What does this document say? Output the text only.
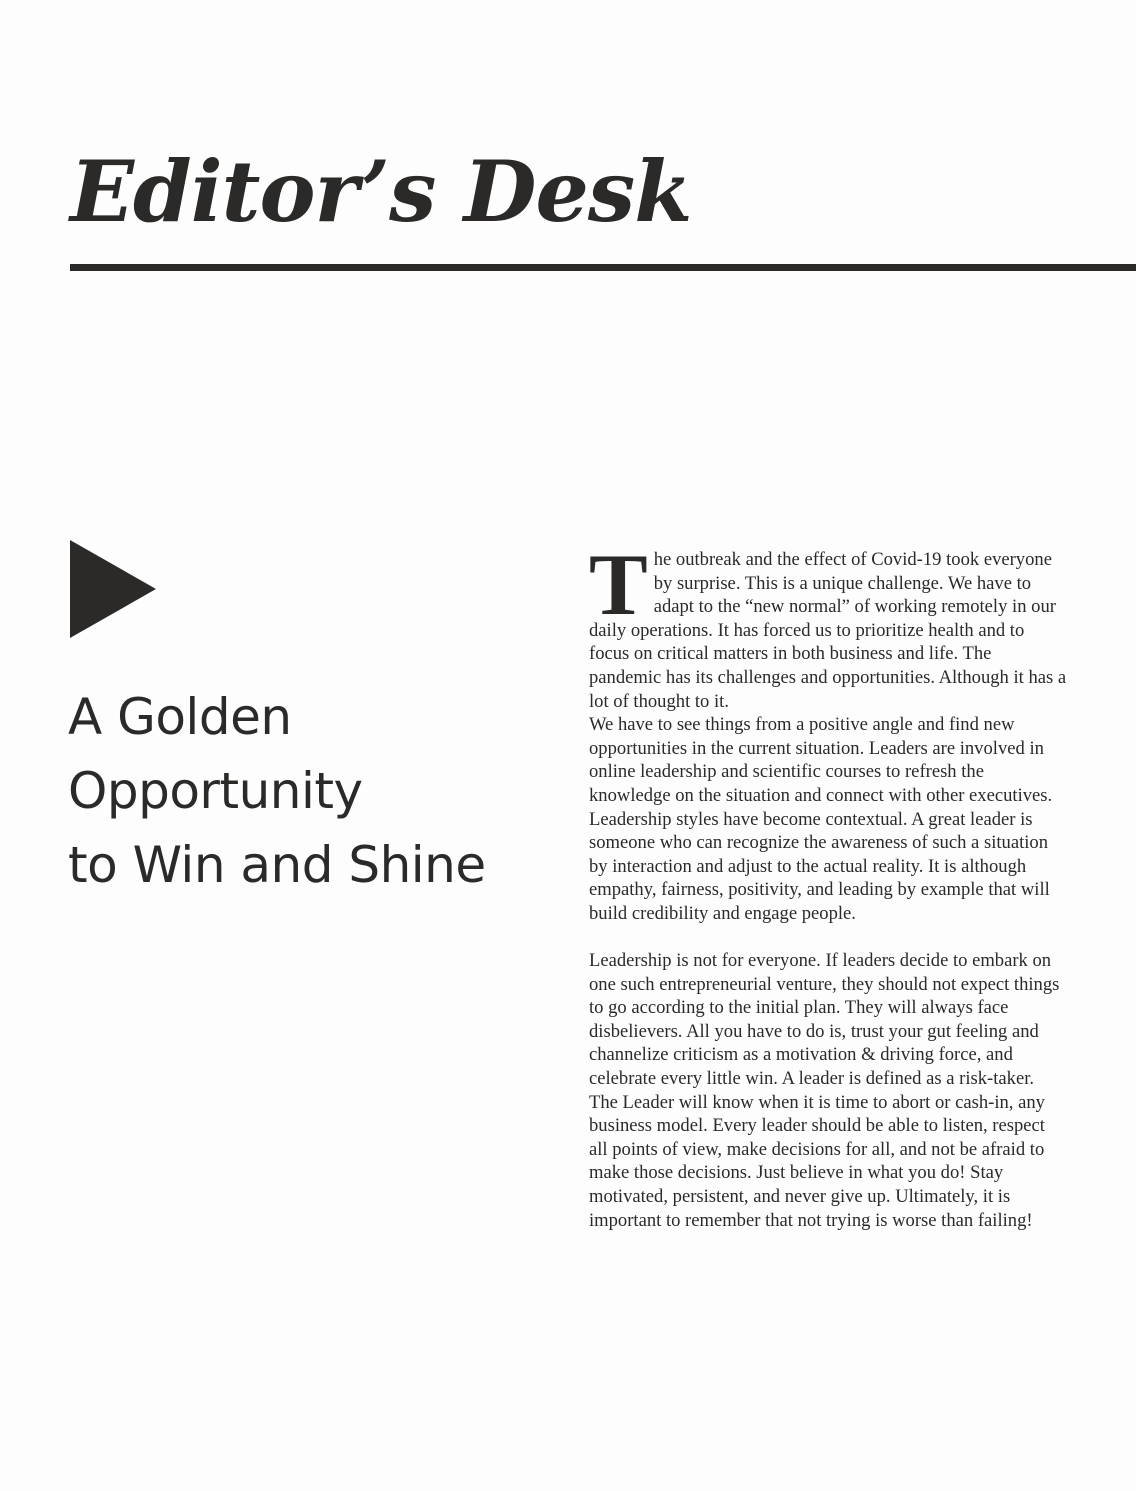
Editor’s Desk
A Golden
Opportunity
to Win and Shine

The outbreak and the effect of Covid-19 took everyone by surprise. This is a unique challenge. We have to adapt to the “new normal” of working remotely in our daily operations. It has forced us to prioritize health and to focus on critical matters in both business and life. The pandemic has its challenges and opportunities. Although it has a lot of thought to it.
We have to see things from a positive angle and find new opportunities in the current situation. Leaders are involved in online leadership and scientific courses to refresh the knowledge on the situation and connect with other executives. Leadership styles have become contextual. A great leader is someone who can recognize the awareness of such a situation by interaction and adjust to the actual reality. It is although empathy, fairness, positivity, and leading by example that will build credibility and engage people.

Leadership is not for everyone. If leaders decide to embark on one such entrepreneurial venture, they should not expect things to go according to the initial plan. They will always face disbelievers. All you have to do is, trust your gut feeling and channelize criticism as a motivation & driving force, and celebrate every little win. A leader is defined as a risk-taker. The Leader will know when it is time to abort or cash-in, any business model. Every leader should be able to listen, respect all points of view, make decisions for all, and not be afraid to make those decisions. Just believe in what you do! Stay motivated, persistent, and never give up. Ultimately, it is important to remember that not trying is worse than failing!
